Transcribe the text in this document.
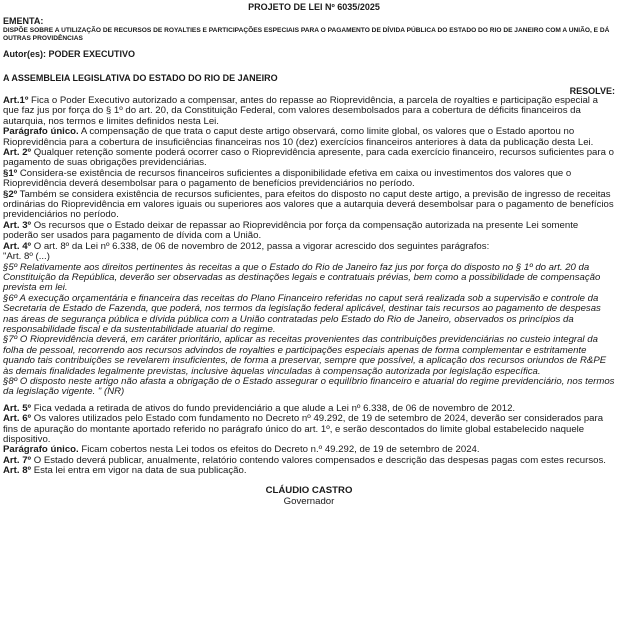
PROJETO DE LEI Nº 6035/2025
EMENTA:
DISPÕE SOBRE A UTILIZAÇÃO DE RECURSOS DE ROYALTIES E PARTICIPAÇÕES ESPECIAIS PARA O PAGAMENTO DE DÍVIDA PÚBLICA DO ESTADO DO RIO DE JANEIRO COM A UNIÃO, E DÁ OUTRAS PROVIDÊNCIAS
Autor(es): PODER EXECUTIVO
A ASSEMBLEIA LEGISLATIVA DO ESTADO DO RIO DE JANEIRO
RESOLVE:

Art.1º Fica o Poder Executivo autorizado a compensar, antes do repasse ao Rioprevidência, a parcela de royalties e participação especial a que faz jus por força do § 1º do art. 20, da Constituição Federal, com valores desembolsados para a cobertura de déficits financeiros da autarquia, nos termos e limites definidos nesta Lei.

Parágrafo único. A compensação de que trata o caput deste artigo observará, como limite global, os valores que o Estado aportou no Rioprevidência para a cobertura de insuficiências financeiras nos 10 (dez) exercícios financeiros anteriores à data da publicação desta Lei.

Art. 2º Qualquer retenção somente poderá ocorrer caso o Rioprevidência apresente, para cada exercício financeiro, recursos suficientes para o pagamento de suas obrigações previdenciárias.

§1º Considera-se existência de recursos financeiros suficientes a disponibilidade efetiva em caixa ou investimentos dos valores que o Rioprevidência deverá desembolsar para o pagamento de benefícios previdenciários no período.

§2º Também se considera existência de recursos suficientes, para efeitos do disposto no caput deste artigo, a previsão de ingresso de receitas ordinárias do Rioprevidência em valores iguais ou superiores aos valores que a autarquia deverá desembolsar para o pagamento de benefícios previdenciários no período.

Art. 3º Os recursos que o Estado deixar de repassar ao Rioprevidência por força da compensação autorizada na presente Lei somente poderão ser usados para pagamento de dívida com a União.

Art. 4º O art. 8º da Lei nº 6.338, de 06 de novembro de 2012, passa a vigorar acrescido dos seguintes parágrafos:

"Art. 8º (...)

§5º Relativamente aos direitos pertinentes às receitas a que o Estado do Rio de Janeiro faz jus por força do disposto no § 1º do art. 20 da Constituição da República, deverão ser observadas as destinações legais e contratuais prévias, bem como a possibilidade de compensação prevista em lei.

§6º A execução orçamentária e financeira das receitas do Plano Financeiro referidas no caput será realizada sob a supervisão e controle da Secretaria de Estado de Fazenda, que poderá, nos termos da legislação federal aplicável, destinar tais recursos ao pagamento de despesas nas áreas de segurança pública e dívida pública com a União contratadas pelo Estado do Rio de Janeiro, observados os princípios da responsabilidade fiscal e da sustentabilidade atuarial do regime.

§7º O Rioprevidência deverá, em caráter prioritário, aplicar as receitas provenientes das contribuições previdenciárias no custeio integral da folha de pessoal, recorrendo aos recursos advindos de royalties e participações especiais apenas de forma complementar e estritamente quando tais contribuições se revelarem insuficientes, de forma a preservar, sempre que possível, a aplicação dos recursos oriundos de R&PE às demais finalidades legalmente previstas, inclusive àquelas vinculadas à compensação autorizada por legislação específica.

§8º O disposto neste artigo não afasta a obrigação de o Estado assegurar o equilíbrio financeiro e atuarial do regime previdenciário, nos termos da legislação vigente. " (NR)

Art. 5º Fica vedada a retirada de ativos do fundo previdenciário a que alude a Lei nº 6.338, de 06 de novembro de 2012.

Art. 6º Os valores utilizados pelo Estado com fundamento no Decreto nº 49.292, de 19 de setembro de 2024, deverão ser considerados para fins de apuração do montante aportado referido no parágrafo único do art. 1º, e serão descontados do limite global estabelecido naquele dispositivo.

Parágrafo único. Ficam cobertos nesta Lei todos os efeitos do Decreto n.º 49.292, de 19 de setembro de 2024.

Art. 7º O Estado deverá publicar, anualmente, relatório contendo valores compensados e descrição das despesas pagas com estes recursos.

Art. 8º Esta lei entra em vigor na data de sua publicação.

CLÁUDIO CASTRO
Governador
